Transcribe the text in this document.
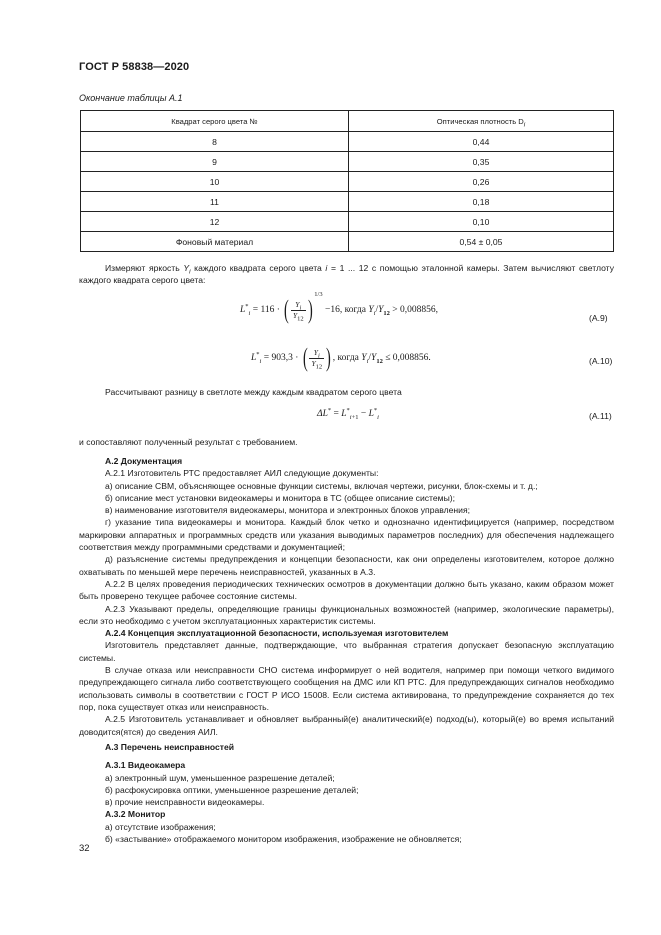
ГОСТ Р 58838—2020
Окончание таблицы А.1
Квадрат серого цвета №	Оптическая плотность $D_i$
8	0,44
9	0,35
10	0,26
11	0,18
12	0,10
Фоновый материал	0,54 ± 0,05
Измеряют яркость $Y_i$ каждого квадрата серого цвета i = 1 ... 12 с помощью эталонной камеры. Затем вычисляют светлоту каждого квадрата серого цвета:
$L^*_i = 116$ · ( $\frac{Y_i}{Y_{12}} )^{1/3} -16$, когда $Y_i/Y_{12} > 0,008856$,
(А.9)
$L^*_i = 903,3$ · ( $\frac{Y_i}{Y_{12}}$ ) , когда $Y_i/Y_{12} \le 0,008856$.	(А.10)
Рассчитывают разницу в светлоте между каждым квадратом серого цвета
$\Delta L^* = L^*_{i+1} - L^*_i$	(А.11)
и сопоставляют полученный результат с требованием.

А.2 Документация

А.2.1 Изготовитель РТС предоставляет АИЛ следующие документы:

а) описание СВМ, объясняющее основные функции системы, включая чертежи, рисунки, блок-схемы и т. д.;

б) описание мест установки видеокамеры и монитора в ТС (общее описание системы);

в) наименование изготовителя видеокамеры, монитора и электронных блоков управления;

г) указание типа видеокамеры и монитора. Каждый блок четко и однозначно идентифицируется (например, посредством маркировки аппаратных и программных средств или указания выводимых параметров последних) для обеспечения надлежащего соответствия между программными средствами и документацией;

д) разъяснение системы предупреждения и концепции безопасности, как они определены изготовителем, которое должно охватывать по меньшей мере перечень неисправностей, указанных в А.3.

А.2.2 В целях проведения периодических технических осмотров в документации должно быть указано, каким образом может быть проверено текущее рабочее состояние системы.

А.2.3 Указывают пределы, определяющие границы функциональных возможностей (например, экологические параметры), если это необходимо с учетом эксплуатационных характеристик системы.

А.2.4 Концепция эксплуатационной безопасности, используемая изготовителем

Изготовитель представляет данные, подтверждающие, что выбранная стратегия допускает безопасную эксплуатацию системы.

В случае отказа или неисправности СНО система информирует о ней водителя, например при помощи четкого видимого предупреждающего сигнала либо соответствующего сообщения на ДМС или КП РТС. Для предупреждающих сигналов необходимо использовать символы в соответствии с ГОСТ Р ИСО 15008. Если система активирована, то предупреждение сохраняется до тех пор, пока существует отказ или неисправность.

А.2.5 Изготовитель устанавливает и обновляет выбранный(е) аналитический(е) подход(ы), который(е) во время испытаний доводится(ятся) до сведения АИЛ.

А.3 Перечень неисправностей

А.3.1 Видеокамера

а) электронный шум, уменьшенное разрешение деталей;

б) расфокусировка оптики, уменьшенное разрешение деталей;

в) прочие неисправности видеокамеры.

А.3.2 Монитор

а) отсутствие изображения;

б) «застывание» отображаемого монитором изображения, изображение не обновляется;

32
